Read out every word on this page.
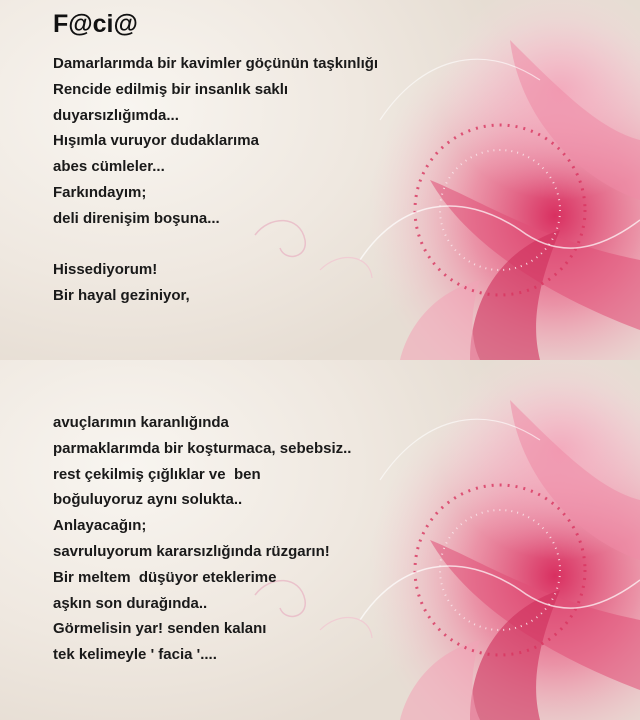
F@ci@
Damarlarımda bir kavimler göçünün taşkınlığı
Rencide edilmiş bir insanlık saklı
duyarsızlığımda...
Hışımla vuruyor dudaklarıma
abes cümleler...
Farkındayım;
deli direnişim boşuna...
Hissediyorum!
Bir hayal geziniyor,
avuçlarımın karanlığında
parmaklarımda bir koşturmaca, sebebsiz..
rest çekilmiş çığlıklar ve  ben
boğuluyoruz aynı solukta..
Anlayacağın;
savruluyorum kararsızlığında rüzgarın!
Bir meltem  düşüyor eteklerime
aşkın son durağında..
Görmelisin yar! senden kalanı
tek kelimeyle ' facia '....
